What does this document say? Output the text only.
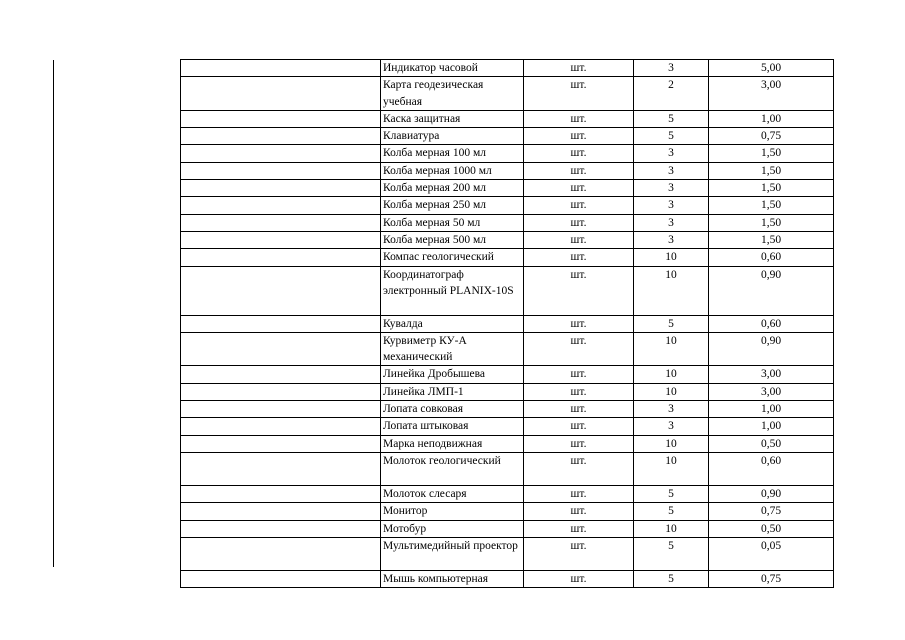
	Индикатор часовой	шт.	3	5,00
	Карта геодезическая учебная	шт.	2	3,00
	Каска защитная	шт.	5	1,00
	Клавиатура	шт.	5	0,75
	Колба мерная 100 мл	шт.	3	1,50
	Колба мерная 1000 мл	шт.	3	1,50
	Колба мерная 200 мл	шт.	3	1,50
	Колба мерная 250 мл	шт.	3	1,50
	Колба мерная 50 мл	шт.	3	1,50
	Колба мерная 500 мл	шт.	3	1,50
	Компас геологический	шт.	10	0,60
	Координатограф электронный PLANIX-10S	шт.	10	0,90
	Кувалда	шт.	5	0,60
	Курвиметр КУ-А механический	шт.	10	0,90
	Линейка Дробышева	шт.	10	3,00
	Линейка ЛМП-1	шт.	10	3,00
	Лопата совковая	шт.	3	1,00
	Лопата штыковая	шт.	3	1,00
	Марка неподвижная	шт.	10	0,50
	Молоток геологический	шт.	10	0,60
	Молоток слесаря	шт.	5	0,90
	Монитор	шт.	5	0,75
	Мотобур	шт.	10	0,50
	Мультимедийный проектор	шт.	5	0,05
	Мышь компьютерная	шт.	5	0,75
